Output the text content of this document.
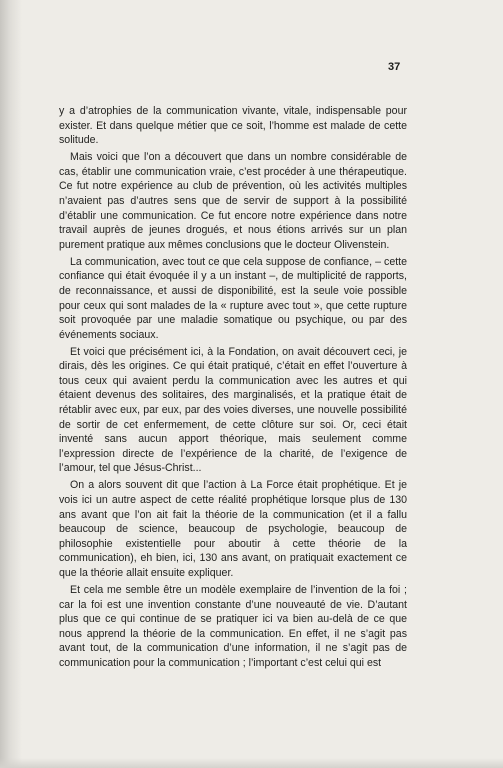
37

y a d’atrophies de la communication vivante, vitale, indispensable pour exister. Et dans quelque métier que ce soit, l’homme est malade de cette solitude.

Mais voici que l’on a découvert que dans un nombre considérable de cas, établir une communication vraie, c’est procéder à une thérapeutique. Ce fut notre expérience au club de prévention, où les activités multiples n’avaient pas d’autres sens que de servir de support à la possibilité d’établir une communication. Ce fut encore notre expérience dans notre travail auprès de jeunes drogués, et nous étions arrivés sur un plan purement pratique aux mêmes conclusions que le docteur Olivenstein.

La communication, avec tout ce que cela suppose de confiance, – cette confiance qui était évoquée il y a un instant –, de multiplicité de rapports, de reconnaissance, et aussi de disponibilité, est la seule voie possible pour ceux qui sont malades de la « rupture avec tout », que cette rupture soit provoquée par une maladie somatique ou psychique, ou par des événements sociaux.

Et voici que précisément ici, à la Fondation, on avait découvert ceci, je dirais, dès les origines. Ce qui était pratiqué, c’était en effet l’ouverture à tous ceux qui avaient perdu la communication avec les autres et qui étaient devenus des solitaires, des marginalisés, et la pratique était de rétablir avec eux, par eux, par des voies diverses, une nouvelle possibilité de sortir de cet enfermement, de cette clôture sur soi. Or, ceci était inventé sans aucun apport théorique, mais seulement comme l’expression directe de l’expérience de la charité, de l’exigence de l’amour, tel que Jésus-Christ...

On a alors souvent dit que l’action à La Force était prophétique. Et je vois ici un autre aspect de cette réalité prophétique lorsque plus de 130 ans avant que l’on ait fait la théorie de la communication (et il a fallu beaucoup de science, beaucoup de psychologie, beaucoup de philosophie existentielle pour aboutir à cette théorie de la communication), eh bien, ici, 130 ans avant, on pratiquait exactement ce que la théorie allait ensuite expliquer.

Et cela me semble être un modèle exemplaire de l’invention de la foi ; car la foi est une invention constante d’une nouveauté de vie. D’autant plus que ce qui continue de se pratiquer ici va bien au-delà de ce que nous apprend la théorie de la communication. En effet, il ne s’agit pas avant tout, de la communication d’une information, il ne s’agit pas de communication pour la communication ; l’important c’est celui qui est
